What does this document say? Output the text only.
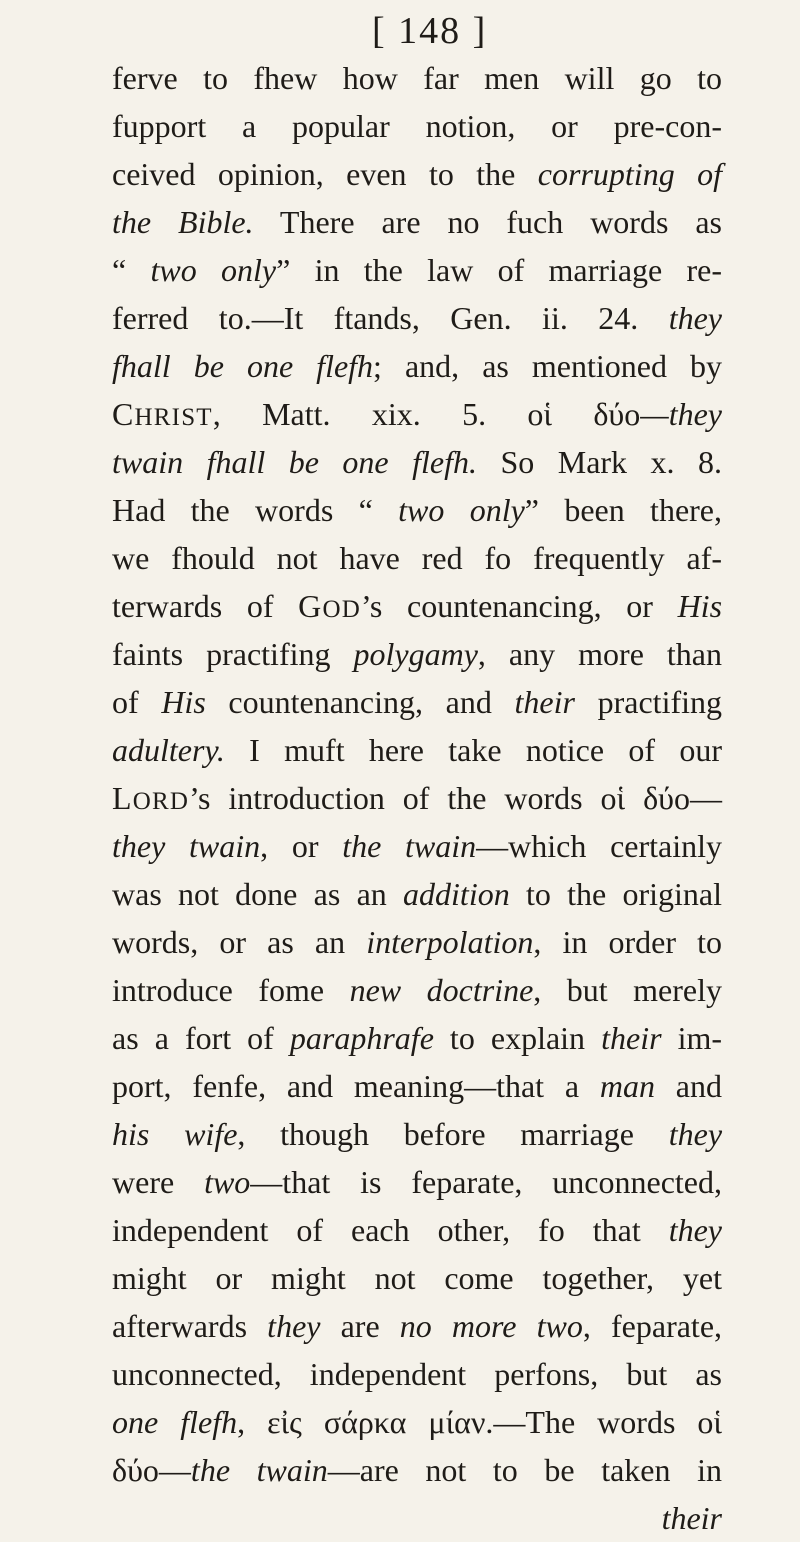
[ 148 ]
ferve to fhew how far men will go to
fupport a popular notion, or pre-con-
ceived opinion, even to the corrupting of
the Bible. There are no fuch words as
“ two only” in the law of marriage re-
ferred to.—It ftands, Gen. ii. 24. they
fhall be one flefh; and, as mentioned by
CHRIST, Matt. xix. 5. οἱ δύο—they
twain fhall be one flefh. So Mark x. 8.
Had the words “ two only” been there,
we fhould not have red fo frequently af-
terwards of GOD’s countenancing, or His
faints practifing polygamy, any more than
of His countenancing, and their practifing
adultery. I muft here take notice of our
LORD’s introduction of the words οἱ δύο—
they twain, or the twain—which certainly
was not done as an addition to the original
words, or as an interpolation, in order to
introduce fome new doctrine, but merely
as a fort of paraphrafe to explain their im-
port, fenfe, and meaning—that a man and
his wife, though before marriage they
were two—that is feparate, unconnected,
independent of each other, fo that they
might or might not come together, yet
afterwards they are no more two, feparate,
unconnected, independent perfons, but as
one flefh, εἰς σάρκα μίαν.—The words οἱ
δύο—the twain—are not to be taken in
their
